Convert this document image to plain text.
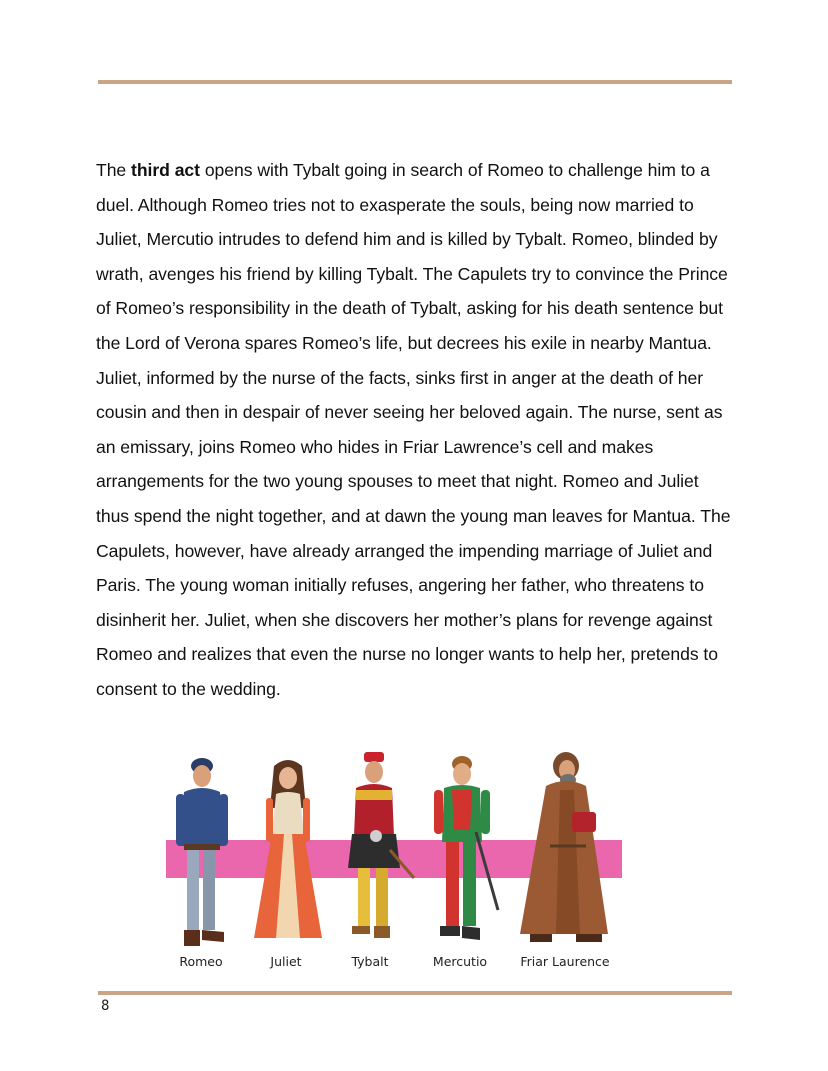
The third act opens with Tybalt going in search of Romeo to challenge him to a duel. Although Romeo tries not to exasperate the souls, being now married to Juliet, Mercutio intrudes to defend him and is killed by Tybalt. Romeo, blinded by wrath, avenges his friend by killing Tybalt. The Capulets try to convince the Prince of Romeo’s responsibility in the death of Tybalt, asking for his death sentence but the Lord of Verona spares Romeo’s life, but decrees his exile in nearby Mantua. Juliet, informed by the nurse of the facts, sinks first in anger at the death of her cousin and then in despair of never seeing her beloved again. The nurse, sent as an emissary, joins Romeo who hides in Friar Lawrence’s cell and makes arrangements for the two young spouses to meet that night. Romeo and Juliet thus spend the night together, and at dawn the young man leaves for Mantua. The Capulets, however, have already arranged the impending marriage of Juliet and Paris. The young woman initially refuses, angering her father, who threatens to disinherit her. Juliet, when she discovers her mother’s plans for revenge against Romeo and realizes that even the nurse no longer wants to help her, pretends to consent to the wedding.

Romeo	Juliet	Tybalt	Mercutio	Friar Laurence
8
